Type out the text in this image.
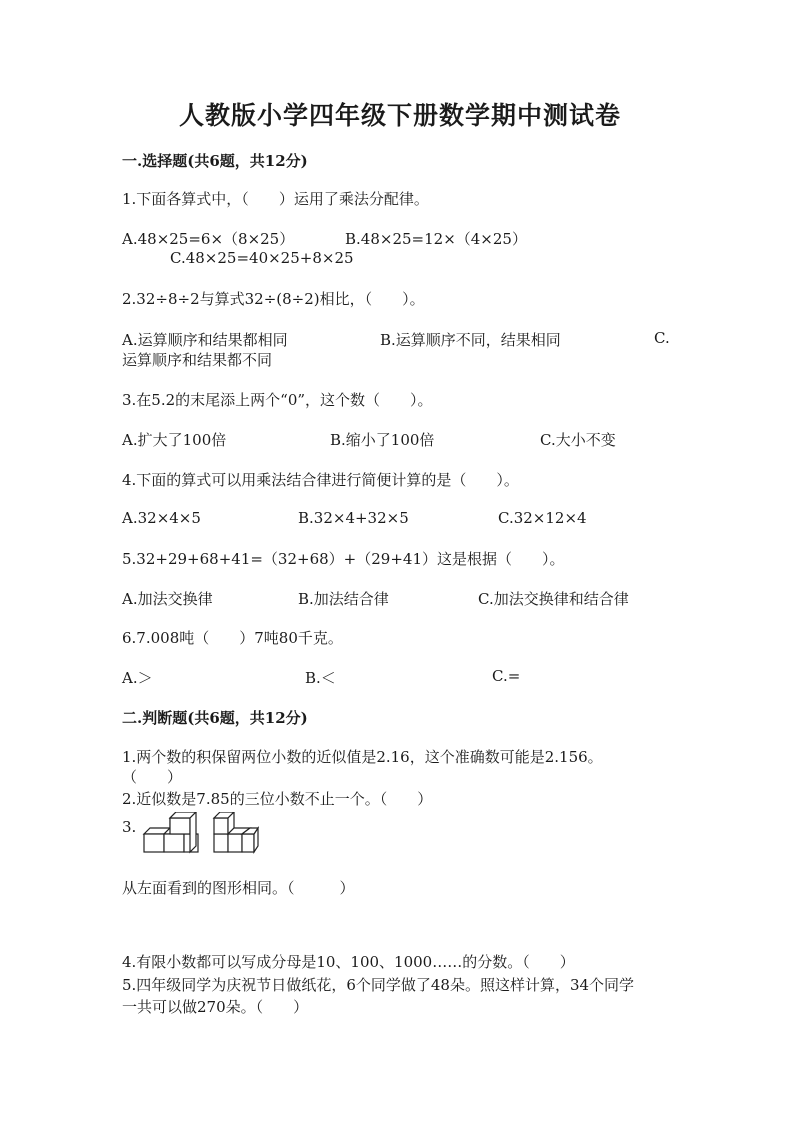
人教版小学四年级下册数学期中测试卷
一.选择题(共6题，共12分)
1.下面各算式中，（　　）运用了乘法分配律。
A.48×25=6×（8×25）	B.48×25=12×（4×25）
C.48×25=40×25+8×25
2.32÷8÷2与算式32÷(8÷2)相比，（　　）。
A.运算顺序和结果都相同	B.运算顺序不同，结果相同	C.
运算顺序和结果都不同
3.在5.2的末尾添上两个“0”，这个数（　　）。
A.扩大了100倍	B.缩小了100倍	C.大小不变
4.下面的算式可以用乘法结合律进行简便计算的是（　　）。
A.32×4×5	B.32×4+32×5	C.32×12×4
5.32+29+68+41=（32+68）+（29+41）这是根据（　　）。
A.加法交换律	B.加法结合律	C.加法交换律和结合律
6.7.008吨（　　）7吨80千克。
A.＞	B.＜	C.=
二.判断题(共6题，共12分)
1.两个数的积保留两位小数的近似值是2.16，这个准确数可能是2.156。
（　　）
2.近似数是7.85的三位小数不止一个。（　　）
3.
从左面看到的图形相同。（　　　）
4.有限小数都可以写成分母是10、100、1000……的分数。（　　）
5.四年级同学为庆祝节日做纸花，6个同学做了48朵。照这样计算，34个同学
一共可以做270朵。（　　）
